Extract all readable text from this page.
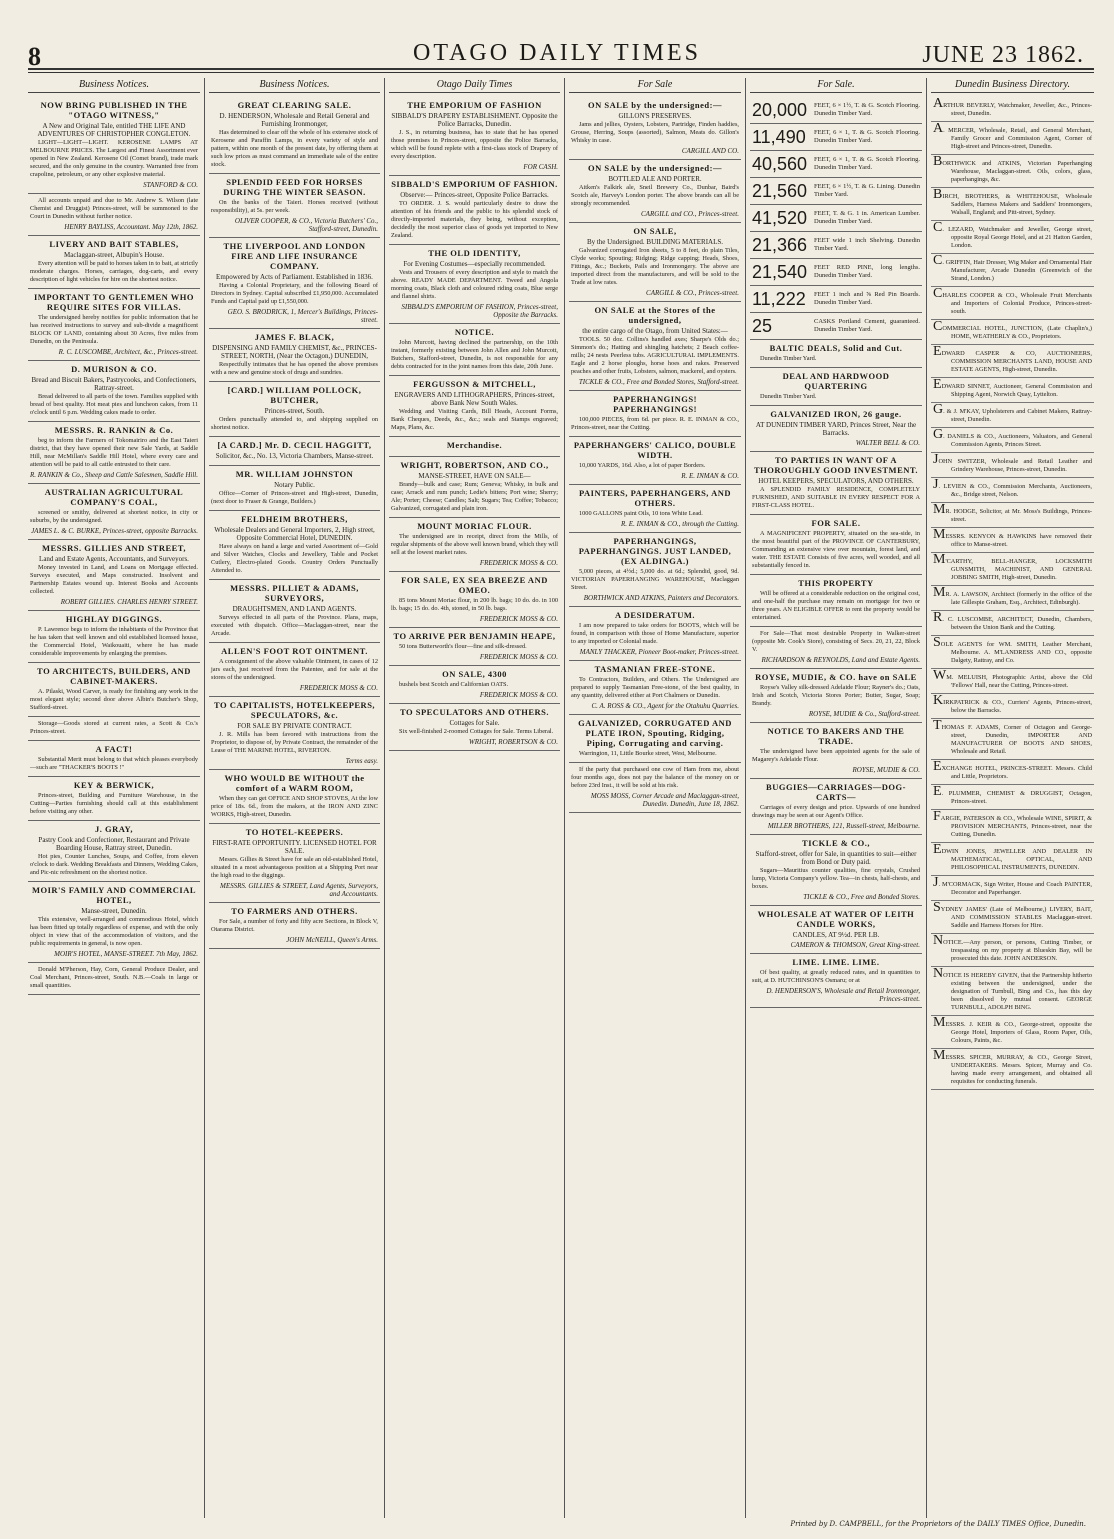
8	OTAGO DAILY TIMES	JUNE 23 1862.
Business Notices.
NOW BRING PUBLISHED IN THE "OTAGO WITNESS,"
A New and Original Tale, entitled THE LIFE AND ADVENTURES OF CHRISTOPHER CONGLETON.

LIGHT—LIGHT—LIGHT. KEROSENE LAMPS AT MELBOURNE PRICES. The Largest and Finest Assortment ever opened in New Zealand. Kerosene Oil (Comet brand), trade mark secured, and the only genuine in the country. Warranted free from crapoline, petroleum, or any other explosive material.

STANFORD & CO.

All accounts unpaid and due to Mr. Andrew S. Wilson (late Chemist and Druggist) Princes-street, will be summoned to the Court in Dunedin without further notice.

HENRY BAYLISS, Accountant. May 12th, 1862.
LIVERY AND BAIT STABLES,
Maclaggan-street, Albupin's House.

Every attention will be paid to horses taken in to bait, at strictly moderate charges. Horses, carriages, dog-carts, and every description of light vehicles for hire on the shortest notice.

IMPORTANT TO GENTLEMEN WHO REQUIRE SITES FOR VILLAS.

The undersigned hereby notifies for public information that he has received instructions to survey and sub-divide a magnificent BLOCK OF LAND, containing about 30 Acres, five miles from Dunedin, on the Peninsula.

R. C. LUSCOMBE, Architect, &c., Princes-street.
D. MURISON & CO.
Bread and Biscuit Bakers, Pastrycooks, and Confectioners, Rattray-street.

Bread delivered to all parts of the town. Families supplied with bread of best quality. Hot meat pies and luncheon cakes, from 11 o'clock until 6 p.m. Wedding cakes made to order.

MESSRS. R. RANKIN & Co.

beg to inform the Farmers of Tokomairiro and the East Taieri district, that they have opened their new Sale Yards, at Saddle Hill, near McMillan's Saddle Hill Hotel, where every care and attention will be paid to all cattle entrusted to their care.

R. RANKIN & Co., Sheep and Cattle Salesmen, Saddle Hill.
AUSTRALIAN AGRICULTURAL COMPANY'S COAL,

screened or smithy, delivered at shortest notice, in city or suburbs, by the undersigned.

JAMES L. & C. BURKE, Princes-street, opposite Barracks.
MESSRS. GILLIES AND STREET,
Land and Estate Agents, Accountants, and Surveyors.

Money invested in Land, and Loans on Mortgage effected. Surveys executed, and Maps constructed. Insolvent and Partnership Estates wound up. Interest Books and Accounts collected.

ROBERT GILLIES. CHARLES HENRY STREET.
HIGHLAY DIGGINGS.

P. Lawrence begs to inform the inhabitants of the Province that he has taken that well known and old established licensed house, the Commercial Hotel, Waikouaiti, where he has made considerable improvements by enlarging the premises.

TO ARCHITECTS, BUILDERS, AND CABINET-MAKERS.

A. Pilaski, Wood Carver, is ready for finishing any work in the most elegant style; second door above Albin's Butcher's Shop, Stafford-street.

Storage—Goods stored at current rates, a Scott & Co.'s Princes-street.

A FACT!

Substantial Merit must belong to that which pleases everybody—such are "THACKER'S BOOTS !"

KEY & BERWICK,

Princes-street, Building and Furniture Warehouse, in the Cutting—Parties furnishing should call at this establishment before visiting any other.

J. GRAY,
Pastry Cook and Confectioner, Restaurant and Private Boarding House, Rattray street, Dunedin.

Hot pies, Counter Lunches, Soups, and Coffee, from eleven o'clock to dark. Wedding Breakfasts and Dinners, Wedding Cakes, and Pic-nic refreshment on the shortest notice.

MOIR'S FAMILY AND COMMERCIAL HOTEL,
Manse-street, Dunedin.

This extensive, well-arranged and commodious Hotel, which has been fitted up totally regardless of expense, and with the only object in view that of the accommodation of visitors, and the public requirements in general, is now open.

MOIR'S HOTEL, MANSE-STREET. 7th May, 1862.

Donald M'Pherson, Hay, Corn, General Produce Dealer, and Coal Merchant, Princes-street, South. N.B.—Coals in large or small quantities.

Business Notices.
GREAT CLEARING SALE.
D. HENDERSON, Wholesale and Retail General and Furnishing Ironmonger,

Has determined to clear off the whole of his extensive stock of Kerosene and Paraffin Lamps, in every variety of style and pattern, within one month of the present date, by offering them at such low prices as must command an immediate sale of the entire stock.

SPLENDID FEED FOR HORSES DURING THE WINTER SEASON.

On the banks of the Taieri. Horses received (without responsibility), at 5s. per week.

OLIVER COOPER, & CO., Victoria Butchers' Co., Stafford-street, Dunedin.
THE LIVERPOOL AND LONDON FIRE AND LIFE INSURANCE COMPANY.
Empowered by Acts of Parliament. Established in 1836.

Having a Colonial Proprietary, and the following Board of Directors in Sydney. Capital subscribed £1,950,000. Accumulated Funds and Capital paid up £1,550,000.

GEO. S. BRODRICK, 1, Mercer's Buildings, Princes-street.
JAMES F. BLACK,
DISPENSING AND FAMILY CHEMIST, &c., PRINCES-STREET, NORTH, (Near the Octagon,) DUNEDIN,

Respectfully intimates that he has opened the above premises with a new and genuine stock of drugs and sundries.

[CARD.] WILLIAM POLLOCK, BUTCHER,
Princes-street, South.

Orders punctually attended to, and shipping supplied on shortest notice.

[A CARD.] Mr. D. CECIL HAGGITT,
Solicitor, &c., No. 13, Victoria Chambers, Manse-street.
MR. WILLIAM JOHNSTON
Notary Public.

Office—Corner of Princes-street and High-street, Dunedin, (next door to Fraser & Grange, Builders.)

FELDHEIM BROTHERS,
Wholesale Dealers and General Importers, 2, High street, Opposite Commercial Hotel, DUNEDIN.

Have always on hand a large and varied Assortment of—Gold and Silver Watches, Clocks and Jewellery, Table and Pocket Cutlery, Electro-plated Goods. Country Orders Punctually Attended to.

MESSRS. PILLIET & ADAMS, SURVEYORS,
DRAUGHTSMEN, AND LAND AGENTS.

Surveys effected in all parts of the Province. Plans, maps, executed with dispatch. Office—Maclaggan-street, near the Arcade.

ALLEN'S FOOT ROT OINTMENT.

A consignment of the above valuable Ointment, in cases of 12 jars each, just received from the Patentee, and for sale at the stores of the undersigned.

FREDERICK MOSS & CO.
TO CAPITALISTS, HOTELKEEPERS, SPECULATORS, &c.
FOR SALE BY PRIVATE CONTRACT.

J. R. Mills has been favored with instructions from the Proprietor, to dispose of, by Private Contract, the remainder of the Lease of THE MARINE HOTEL, RIVERTON.

Terms easy.
WHO WOULD BE WITHOUT the comfort of a WARM ROOM,

When they can get OFFICE AND SHOP STOVES, At the low price of 18s. 6d., from the makers, at the IRON AND ZINC WORKS, High-street, Dunedin.

TO HOTEL-KEEPERS.
FIRST-RATE OPPORTUNITY. LICENSED HOTEL FOR SALE.

Messrs. Gillies & Street have for sale an old-established Hotel, situated in a most advantageous position at a Shipping Port near the high road to the diggings.

MESSRS. GILLIES & STREET, Land Agents, Surveyors, and Accountants.
TO FARMERS AND OTHERS.

For Sale, a number of forty and fifty acre Sections, in Block V, Otarama District.

JOHN McNEILL, Queen's Arms.
Otago Daily Times
THE EMPORIUM OF FASHION
SIBBALD'S DRAPERY ESTABLISHMENT. Opposite the Police Barracks, Dunedin.

J. S., in returning business, has to state that he has opened those premises in Princes-street, opposite the Police Barracks, which will be found replete with a first-class stock of Drapery of every description.

FOR CASH.
SIBBALD'S EMPORIUM OF FASHION.
Observe:— Princes-street, Opposite Police Barracks.

TO ORDER. J. S. would particularly desire to draw the attention of his friends and the public to his splendid stock of directly-imported materials, they being, without exception, decidedly the most superior class of goods yet imported to New Zealand.

THE OLD IDENTITY,
For Evening Costumes—especially recommended.

Vests and Trousers of every description and style to match the above. READY MADE DEPARTMENT. Tweed and Angola morning coats, Black cloth and coloured riding coats, Blue serge and flannel shirts.

SIBBALD'S EMPORIUM OF FASHION, Princes-street, Opposite the Barracks.
NOTICE.

John Murcott, having declined the partnership, on the 10th instant, formerly existing between John Allen and John Murcott, Butchers, Stafford-street, Dunedin, is not responsible for any debts contracted for in the joint names from this date, 20th June.

FERGUSSON & MITCHELL,
ENGRAVERS AND LITHOGRAPHERS, Princes-street, above Bank New South Wales.

Wedding and Visiting Cards, Bill Heads, Account Forms, Bank Cheques, Deeds, &c., &c.; seals and Stamps engraved; Maps, Plans, &c.

Merchandise.
WRIGHT, ROBERTSON, AND CO.,
MANSE-STREET, HAVE ON SALE—

Brandy—bulk and case; Rum; Geneva; Whisky, in bulk and case; Arrack and rum punch; Ledie's bitters; Port wine; Sherry; Ale; Porter; Cheese; Candles; Salt; Sugars; Tea; Coffee; Tobacco; Galvanized, corrugated and plain iron.

MOUNT MORIAC FLOUR.

The undersigned are in receipt, direct from the Mills, of regular shipments of the above well known brand, which they will sell at the lowest market rates.

FREDERICK MOSS & CO.
FOR SALE, EX SEA BREEZE AND OMEO.

85 tons Mount Moriac flour, in 200 lb. bags; 10 do. do. in 100 lb. bags; 15 do. do. 4th, stoned, in 50 lb. bags.

FREDERICK MOSS & CO.
TO ARRIVE PER BENJAMIN HEAPE,

50 tons Butterworth's flour—fine and silk-dressed.

FREDERICK MOSS & CO.
ON SALE, 4300

bushels best Scotch and Californian OATS.

FREDERICK MOSS & CO.
TO SPECULATORS AND OTHERS.
Cottages for Sale.

Six well-finished 2-roomed Cottages for Sale. Terms Liberal.

WRIGHT, ROBERTSON & CO.
For Sale
ON SALE by the undersigned:—
GILLON'S PRESERVES.

Jams and jellies, Oysters, Lobsters, Partridge, Finden haddies, Grouse, Herring, Soups (assorted), Salmon, Meats do. Gillon's Whisky in case.

CARGILL AND CO.
ON SALE by the undersigned:—
BOTTLED ALE AND PORTER.

Aitken's Falkirk ale, Sneil Brewery Co., Dunbar, Baird's Scotch ale, Harvey's London porter. The above brands can all be strongly recommended.

CARGILL and CO., Princes-street.
ON SALE,
By the Undersigned. BUILDING MATERIALS.

Galvanized corrugated Iron sheets, 5 to 8 feet, do plain Tiles, Clyde works; Spouting; Ridging; Ridge capping; Heads, Shoes, Fittings, &c.; Buckets, Pails and Ironmongery. The above are imported direct from the manufacturers, and will be sold to the Trade at low rates.

CARGILL & CO., Princes-street.
ON SALE at the Stores of the undersigned,
the entire cargo of the Otago, from United States:—

TOOLS. 50 doz. Collins's handled axes; Sharpe's Olds do.; Simmon's do.; Hatting and shingling hatchets; 2 Beach coffee-mills; 24 nests Peerless tubs. AGRICULTURAL IMPLEMENTS. Eagle and 2 horse ploughs, horse hoes and rakes. Preserved peaches and other fruits, Lobsters, salmon, mackerel, and oysters.

TICKLE & CO., Free and Bonded Stores, Stafford-street.
PAPERHANGINGS! PAPERHANGINGS!

100,000 PIECES, from 6d. per piece. R. E. INMAN & CO., Princes-street, near the Cutting.

PAPERHANGERS' CALICO, DOUBLE WIDTH.

10,000 YARDS, 16d. Also, a lot of paper Borders.

R. E. INMAN & CO.
PAINTERS, PAPERHANGERS, AND OTHERS.

1000 GALLONS paint Oils, 10 tons White Lead.

R. E. INMAN & CO., through the Cutting.
PAPERHANGINGS, PAPERHANGINGS. JUST LANDED, (EX ALDINGA.)

5,000 pieces, at 4½d.; 5,000 do. at 6d.; Splendid, good, 9d. VICTORIAN PAPERHANGING WAREHOUSE, Maclaggan Street.

BORTHWICK AND ATKINS, Painters and Decorators.
A DESIDERATUM.

I am now prepared to take orders for BOOTS, which will be found, in comparison with those of Home Manufacture, superior to any imported or Colonial made.

MANLY THACKER, Pioneer Boot-maker, Princes-street.
TASMANIAN FREE-STONE.

To Contractors, Builders, and Others. The Undersigned are prepared to supply Tasmanian Free-stone, of the best quality, in any quantity, delivered either at Port Chalmers or Dunedin.

C. A. ROSS & CO., Agent for the Otahuhu Quarries.
GALVANIZED, CORRUGATED AND PLATE IRON, Spouting, Ridging, Piping, Corrugating and carving.

Warrington, 11, Little Bourke street, West, Melbourne.

If the party that purchased one cow of Ham from me, about four months ago, does not pay the balance of the money on or before 23rd Inst., it will be sold at his risk.

MOSS MOSS, Corner Arcade and Maclaggan-street, Dunedin. Dunedin, June 18, 1862.
For Sale.
20,000	FEET, 6 × 1½, T. & G. Scotch Flooring. Dunedin Timber Yard.
11,490	FEET, 6 × 1, T. & G. Scotch Flooring. Dunedin Timber Yard.
40,560	FEET, 6 × 1, T. & G. Scotch Flooring. Dunedin Timber Yard.
21,560	FEET, 6 × 1½, T. & G. Lining. Dunedin Timber Yard.
41,520	FEET, T. & G. 1 in. American Lumber. Dunedin Timber Yard.
21,366	FEET wide 1 inch Shelving. Dunedin Timber Yard.
21,540	FEET RED PINE, long lengths. Dunedin Timber Yard.
11,222	FEET 1 inch and ⅝ Red Pin Boards. Dunedin Timber Yard.
25	CASKS Portland Cement, guaranteed. Dunedin Timber Yard.
BALTIC DEALS, Solid and Cut.

Dunedin Timber Yard.

DEAL AND HARDWOOD QUARTERING

Dunedin Timber Yard.

GALVANIZED IRON, 26 gauge.
AT DUNEDIN TIMBER YARD, Princes Street, Near the Barracks.
WALTER BELL & CO.
TO PARTIES IN WANT OF A THOROUGHLY GOOD INVESTMENT.
HOTEL KEEPERS, SPECULATORS, AND OTHERS.

A SPLENDID FAMILY RESIDENCE, COMPLETELY FURNISHED, AND SUITABLE IN EVERY RESPECT FOR A FIRST-CLASS HOTEL.

FOR SALE.

A MAGNIFICENT PROPERTY, situated on the sea-side, in the most beautiful part of the PROVINCE OF CANTERBURY, Commanding an extensive view over mountain, forest land, and water. THE ESTATE Consists of five acres, well wooded, and all substantially fenced in.

THIS PROPERTY

Will be offered at a considerable reduction on the original cost, and one-half the purchase may remain on mortgage for two or three years. AN ELIGIBLE OFFER to rent the property would be entertained.

For Sale—That most desirable Property in Walker-street (opposite Mr. Cook's Store), consisting of Secs. 20, 21, 22, Block V.

RICHARDSON & REYNOLDS, Land and Estate Agents.
ROYSE, MUDIE, & CO. have on SALE

Royse's Valley silk-dressed Adelaide Flour; Rayner's do.; Oats, Irish and Scotch, Victoria Stores Porter; Butter, Sugar, Soap; Brandy.

ROYSE, MUDIE & Co., Stafford-street.
NOTICE TO BAKERS AND THE TRADE.

The undersigned have been appointed agents for the sale of Magarey's Adelaide Flour.

ROYSE, MUDIE & CO.
BUGGIES—CARRIAGES—DOG-CARTS—

Carriages of every design and price. Upwards of one hundred drawings may be seen at our Agent's Office.

MILLER BROTHERS, 121, Russell-street, Melbourne.
TICKLE & CO.,
Stafford-street, offer for Sale, in quantities to suit—either from Bond or Duty paid.

Sugars—Mauritius counter qualities, fine crystals, Crushed lump, Victoria Company's yellow. Tea—in chests, half-chests, and boxes.

TICKLE & CO., Free and Bonded Stores.
WHOLESALE AT WATER OF LEITH CANDLE WORKS,
CANDLES, AT 9½d. PER LB.
CAMERON & THOMSON, Great King-street.
LIME. LIME. LIME.

Of best quality, at greatly reduced rates, and in quantities to suit, at D. HUTCHINSON'S Osmaru; or at

D. HENDERSON'S, Wholesale and Retail Ironmonger, Princes-street.
Dunedin Business Directory.
ARTHUR BEVERLY, Watchmaker, Jeweller, &c., Princes-street, Dunedin.
A. MERCER, Wholesale, Retail, and General Merchant, Family Grocer and Commission Agent, Corner of High-street and Princes-street, Dunedin.
BORTHWICK and ATKINS, Victorian Paperhanging Warehouse, Maclaggan-street. Oils, colors, glass, paperhangings, &c.
BIRCH, BROTHERS, & WHITEHOUSE, Wholesale Saddlers, Harness Makers and Saddlers' Ironmongers, Walsall, England; and Pitt-street, Sydney.
C. LEZARD, Watchmaker and Jeweller, George street, opposite Royal George Hotel, and at 21 Hatton Garden, London.
C. GRIFFIN, Hair Dresser, Wig Maker and Ornamental Hair Manufacturer, Arcade Dunedin (Greenwich of the Strand, London.)
CHARLES COOPER & CO., Wholesale Fruit Merchants and Importers of Colonial Produce, Princes-street-south.
COMMERCIAL HOTEL, JUNCTION, (Late Chaplin's,) HOME, WEATHERLY & CO., Proprietors.
EDWARD CASPER & CO, AUCTIONEERS, COMMISSION MERCHANTS LAND, HOUSE AND ESTATE AGENTS, High-street, Dunedin.
EDWARD SINNET, Auctioneer, General Commission and Shipping Agent, Norwich Quay, Lyttelton.
G. & J. M'KAY, Upholsterers and Cabinet Makers, Rattray-street, Dunedin.
G. DANIELS & CO., Auctioneers, Valuators, and General Commission Agents, Princes Street.
JOHN SWITZER, Wholesale and Retail Leather and Grindery Warehouse, Princes-street, Dunedin.
J. LEVIEN & CO., Commission Merchants, Auctioneers, &c., Bridge street, Nelson.
MR. HODGE, Solicitor, at Mr. Moss's Buildings, Princes-street.
MESSRS. KENYON & HAWKINS have removed their office to Manse-street.
M'CARTHY, BELL-HANGER, LOCKSMITH GUNSMITH, MACHINIST, AND GENERAL JOBBING SMITH, High-street, Dunedin.
MR. A. LAWSON, Architect (formerly in the office of the late Gillespie Graham, Esq., Architect, Edinburgh).
R. C. LUSCOMBE, ARCHITECT, Dunedin, Chambers, between the Union Bank and the Cutting.
SOLE AGENTS for WM. SMITH, Leather Merchant, Melbourne. A. M'LANDRESS AND CO., opposite Dalgety, Rattray, and Co.
WM. MELUISH, Photographic Artist, above the Old 'Fellows' Hall, near the Cutting, Princes-street.
KIRKPATRICK & CO., Curriers' Agents, Princes-street, below the Barracks.
THOMAS F. ADAMS, Corner of Octagon and George-street, Dunedin, IMPORTER AND MANUFACTURER OF BOOTS AND SHOES, Wholesale and Retail.
EXCHANGE HOTEL, PRINCES-STREET. Messrs. Child and Little, Proprietors.
E. PLUMMER, CHEMIST & DRUGGIST, Octagon, Princes-street.
FARGIE, PATERSON & CO., Wholesale WINE, SPIRIT, & PROVISION MERCHANTS, Princes-street, near the Cutting, Dunedin.
EDWIN JONES, JEWELLER AND DEALER IN MATHEMATICAL, OPTICAL, AND PHILOSOPHICAL INSTRUMENTS, DUNEDIN.
J. M'CORMACK, Sign Writer, House and Coach PAINTER, Decorator and Paperhanger.
SYDNEY JAMES' (Late of Melbourne,) LIVERY, BAIT, AND COMMISSION STABLES Maclaggan-street. Saddle and Harness Horses for Hire.
NOTICE.—Any person, or persons, Cutting Timber, or trespassing on my property at Blueskin Bay, will be prosecuted this date. JOHN ANDERSON.
NOTICE IS HEREBY GIVEN, that the Partnership hitherto existing between the undersigned, under the designation of Turnbull, Bing and Co., has this day been dissolved by mutual consent. GEORGE TURNBULL, ADOLPH BING.
MESSRS. J. KEIR & CO., George-street, opposite the George Hotel, Importers of Glass, Room Paper, Oils, Colours, Paints, &c.
MESSRS. SPICER, MURRAY, & CO., George Street, UNDERTAKERS. Messrs. Spicer, Murray and Co. having made every arrangement, and obtained all requisites for conducting funerals.
Printed by D. CAMPBELL, for the Proprietors of the DAILY TIMES Office, Dunedin.
